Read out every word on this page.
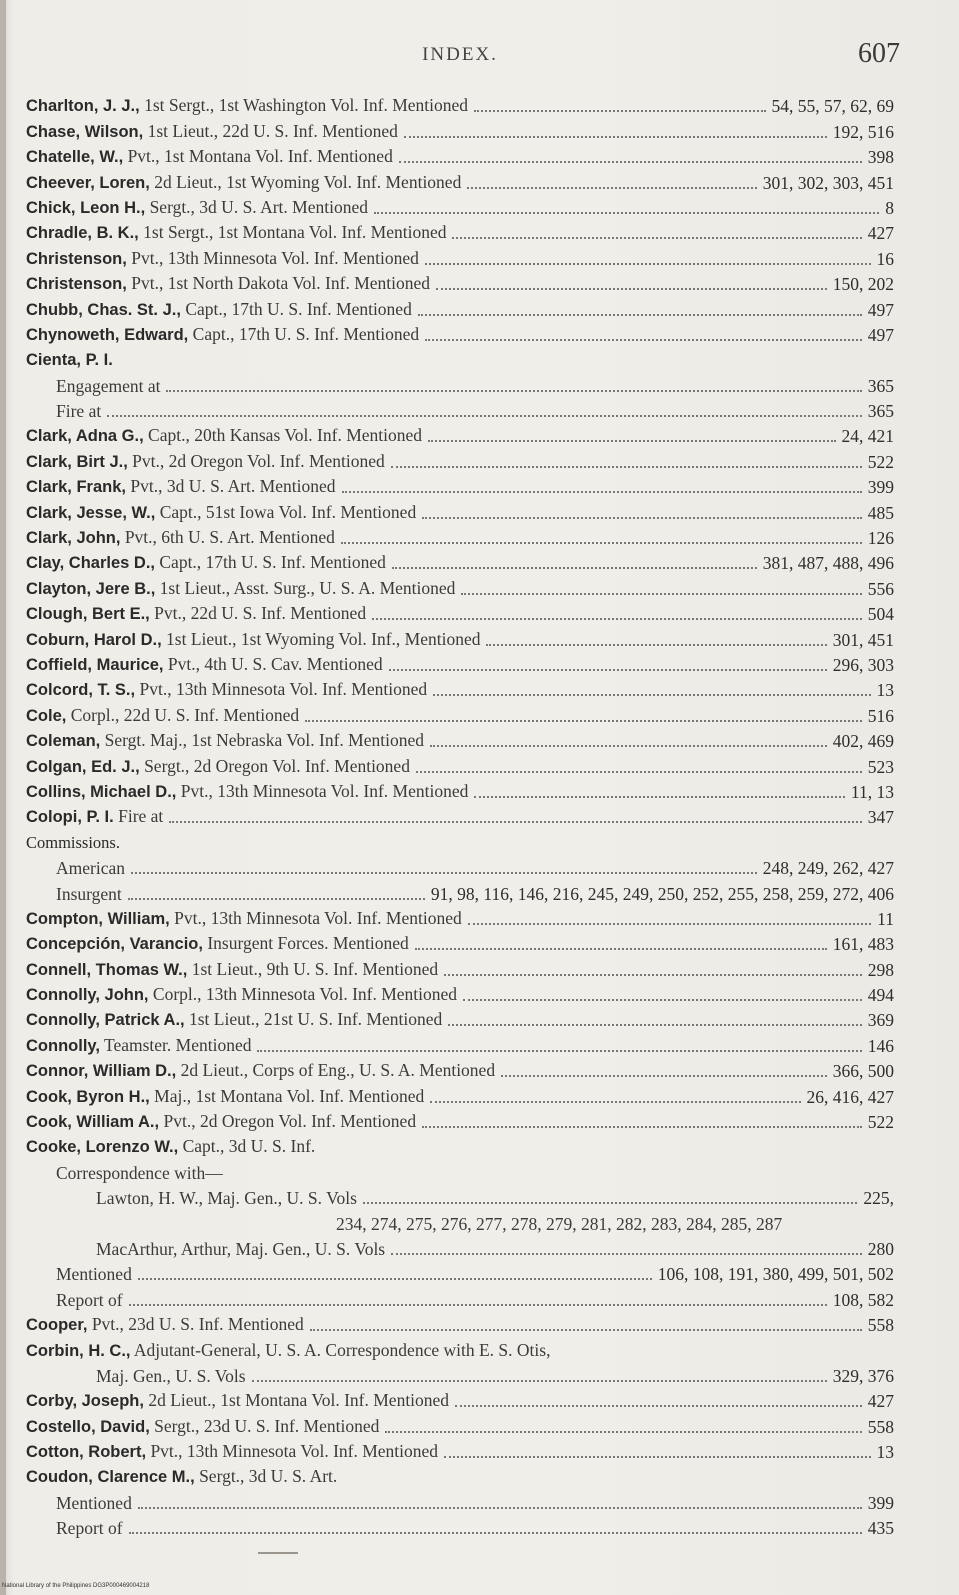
INDEX.	607
Charlton, J. J., 1st Sergt., 1st Washington Vol. Inf. Mentioned	54, 55, 57, 62, 69
Chase, Wilson, 1st Lieut., 22d U. S. Inf. Mentioned	192, 516
Chatelle, W., Pvt., 1st Montana Vol. Inf. Mentioned	398
Cheever, Loren, 2d Lieut., 1st Wyoming Vol. Inf. Mentioned	301, 302, 303, 451
Chick, Leon H., Sergt., 3d U. S. Art. Mentioned	8
Chradle, B. K., 1st Sergt., 1st Montana Vol. Inf. Mentioned	427
Christenson, Pvt., 13th Minnesota Vol. Inf. Mentioned	16
Christenson, Pvt., 1st North Dakota Vol. Inf. Mentioned	150, 202
Chubb, Chas. St. J., Capt., 17th U. S. Inf. Mentioned	497
Chynoweth, Edward, Capt., 17th U. S. Inf. Mentioned	497
Cienta, P. I.
Engagement at	365
Fire at	365
Clark, Adna G., Capt., 20th Kansas Vol. Inf. Mentioned	24, 421
Clark, Birt J., Pvt., 2d Oregon Vol. Inf. Mentioned	522
Clark, Frank, Pvt., 3d U. S. Art. Mentioned	399
Clark, Jesse, W., Capt., 51st Iowa Vol. Inf. Mentioned	485
Clark, John, Pvt., 6th U. S. Art. Mentioned	126
Clay, Charles D., Capt., 17th U. S. Inf. Mentioned	381, 487, 488, 496
Clayton, Jere B., 1st Lieut., Asst. Surg., U. S. A. Mentioned	556
Clough, Bert E., Pvt., 22d U. S. Inf. Mentioned	504
Coburn, Harol D., 1st Lieut., 1st Wyoming Vol. Inf., Mentioned	301, 451
Coffield, Maurice, Pvt., 4th U. S. Cav. Mentioned	296, 303
Colcord, T. S., Pvt., 13th Minnesota Vol. Inf. Mentioned	13
Cole, Corpl., 22d U. S. Inf. Mentioned	516
Coleman, Sergt. Maj., 1st Nebraska Vol. Inf. Mentioned	402, 469
Colgan, Ed. J., Sergt., 2d Oregon Vol. Inf. Mentioned	523
Collins, Michael D., Pvt., 13th Minnesota Vol. Inf. Mentioned	11, 13
Colopi, P. I. Fire at	347
Commissions.
American	248, 249, 262, 427
Insurgent	91, 98, 116, 146, 216, 245, 249, 250, 252, 255, 258, 259, 272, 406
Compton, William, Pvt., 13th Minnesota Vol. Inf. Mentioned	11
Concepción, Varancio, Insurgent Forces. Mentioned	161, 483
Connell, Thomas W., 1st Lieut., 9th U. S. Inf. Mentioned	298
Connolly, John, Corpl., 13th Minnesota Vol. Inf. Mentioned	494
Connolly, Patrick A., 1st Lieut., 21st U. S. Inf. Mentioned	369
Connolly, Teamster. Mentioned	146
Connor, William D., 2d Lieut., Corps of Eng., U. S. A. Mentioned	366, 500
Cook, Byron H., Maj., 1st Montana Vol. Inf. Mentioned	26, 416, 427
Cook, William A., Pvt., 2d Oregon Vol. Inf. Mentioned	522
Cooke, Lorenzo W., Capt., 3d U. S. Inf.
Correspondence with—
Lawton, H. W., Maj. Gen., U. S. Vols	225,
234, 274, 275, 276, 277, 278, 279, 281, 282, 283, 284, 285, 287
MacArthur, Arthur, Maj. Gen., U. S. Vols	280
Mentioned	106, 108, 191, 380, 499, 501, 502
Report of	108, 582
Cooper, Pvt., 23d U. S. Inf. Mentioned	558
Corbin, H. C., Adjutant-General, U. S. A. Correspondence with E. S. Otis,
Maj. Gen., U. S. Vols	329, 376
Corby, Joseph, 2d Lieut., 1st Montana Vol. Inf. Mentioned	427
Costello, David, Sergt., 23d U. S. Inf. Mentioned	558
Cotton, Robert, Pvt., 13th Minnesota Vol. Inf. Mentioned	13
Coudon, Clarence M., Sergt., 3d U. S. Art.
Mentioned	399
Report of	435
National Library of the Philippines DG3P000469004218
